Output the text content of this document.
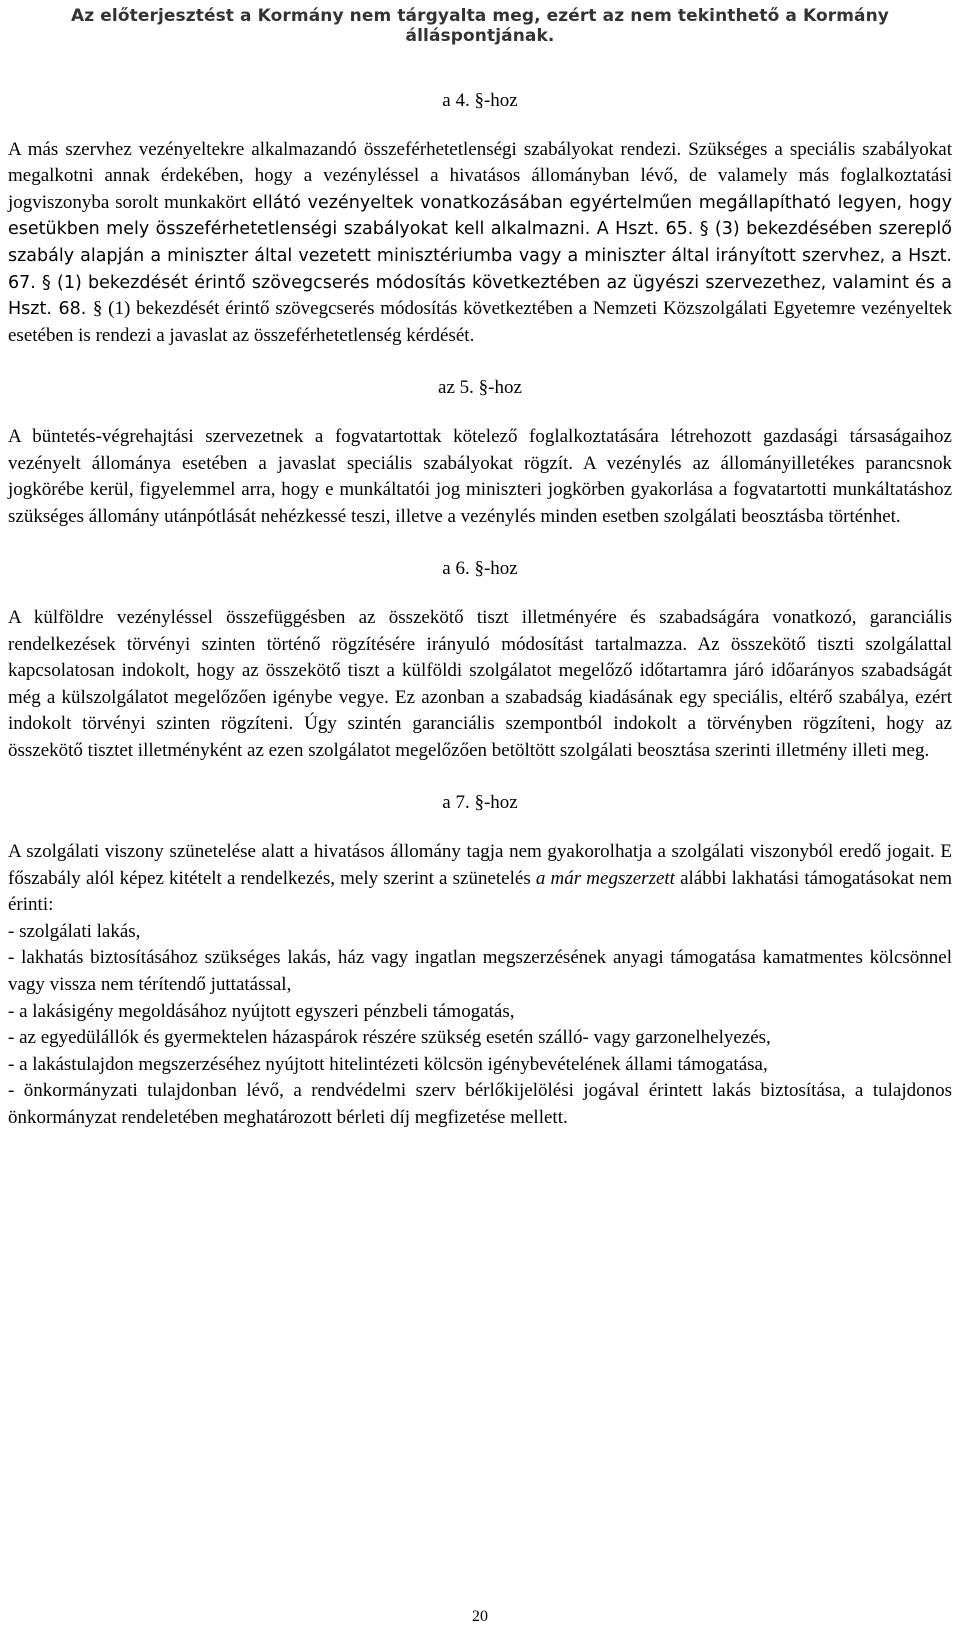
Az előterjesztést a Kormány nem tárgyalta meg, ezért az nem tekinthető a Kormány álláspontjának.

a 4. §-hoz

A más szervhez vezényeltekre alkalmazandó összeférhetetlenségi szabályokat rendezi. Szükséges a speciális szabályokat megalkotni annak érdekében, hogy a vezényléssel a hivatásos állományban lévő, de valamely más foglalkoztatási jogviszonyba sorolt munkakört ellátó vezényeltek vonatkozásában egyértelműen megállapítható legyen, hogy esetükben mely összeférhetetlenségi szabályokat kell alkalmazni. A Hszt. 65. § (3) bekezdésében szereplő szabály alapján a miniszter által vezetett minisztériumba vagy a miniszter által irányított szervhez, a Hszt. 67. § (1) bekezdését érintő szövegcserés módosítás következtében az ügyészi szervezethez, valamint és a Hszt. 68. § (1) bekezdését érintő szövegcserés módosítás következtében a Nemzeti Közszolgálati Egyetemre vezényeltek esetében is rendezi a javaslat az összeférhetetlenség kérdését.

az 5. §-hoz

A büntetés-végrehajtási szervezetnek a fogvatartottak kötelező foglalkoztatására létrehozott gazdasági társaságaihoz vezényelt állománya esetében a javaslat speciális szabályokat rögzít. A vezénylés az állományilletékes parancsnok jogkörébe kerül, figyelemmel arra, hogy e munkáltatói jog miniszteri jogkörben gyakorlása a fogvatartotti munkáltatáshoz szükséges állomány utánpótlását nehézkessé teszi, illetve a vezénylés minden esetben szolgálati beosztásba történhet.

a 6. §-hoz

A külföldre vezényléssel összefüggésben az összekötő tiszt illetményére és szabadságára vonatkozó, garanciális rendelkezések törvényi szinten történő rögzítésére irányuló módosítást tartalmazza. Az összekötő tiszti szolgálattal kapcsolatosan indokolt, hogy az összekötő tiszt a külföldi szolgálatot megelőző időtartamra járó időarányos szabadságát még a külszolgálatot megelőzően igénybe vegye. Ez azonban a szabadság kiadásának egy speciális, eltérő szabálya, ezért indokolt törvényi szinten rögzíteni. Úgy szintén garanciális szempontból indokolt a törvényben rögzíteni, hogy az összekötő tisztet illetményként az ezen szolgálatot megelőzően betöltött szolgálati beosztása szerinti illetmény illeti meg.

a 7. §-hoz

A szolgálati viszony szünetelése alatt a hivatásos állomány tagja nem gyakorolhatja a szolgálati viszonyból eredő jogait. E főszabály alól képez kitételt a rendelkezés, mely szerint a szünetelés a már megszerzett alábbi lakhatási támogatásokat nem érinti:

- szolgálati lakás,

- lakhatás biztosításához szükséges lakás, ház vagy ingatlan megszerzésének anyagi támogatása kamatmentes kölcsönnel vagy vissza nem térítendő juttatással,

- a lakásigény megoldásához nyújtott egyszeri pénzbeli támogatás,

- az egyedülállók és gyermektelen házaspárok részére szükség esetén szálló- vagy garzonelhelyezés,

- a lakástulajdon megszerzéséhez nyújtott hitelintézeti kölcsön igénybevételének állami támogatása,

- önkormányzati tulajdonban lévő, a rendvédelmi szerv bérlőkijelölési jogával érintett lakás biztosítása, a tulajdonos önkormányzat rendeletében meghatározott bérleti díj megfizetése mellett.

20
